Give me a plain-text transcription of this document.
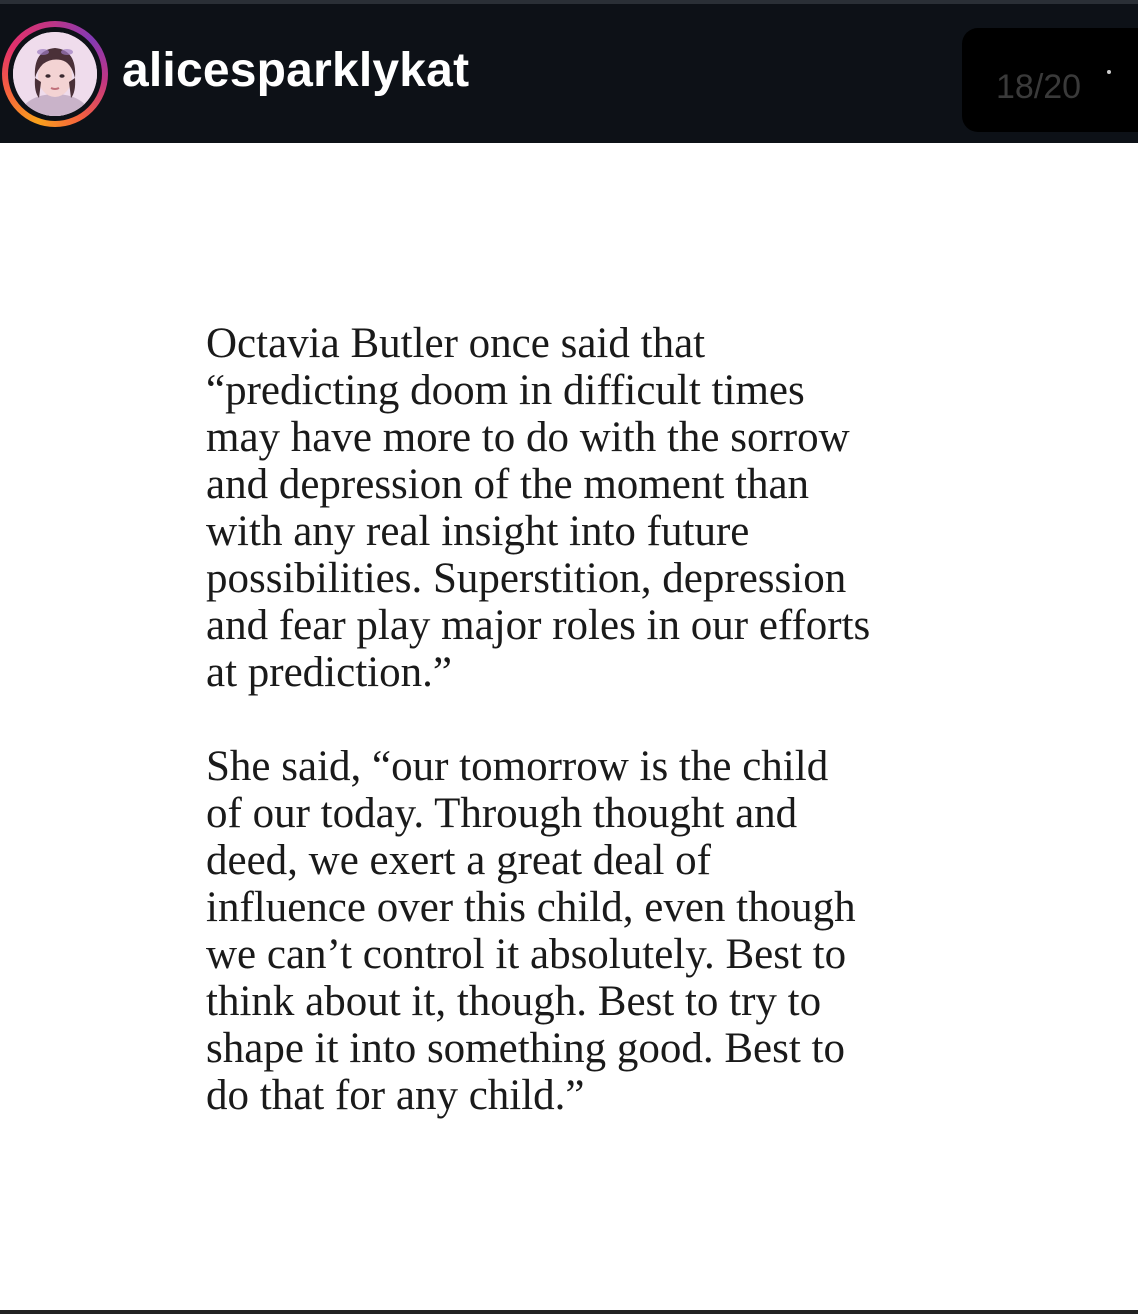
alicesparklykat	18/20

Octavia Butler once said that
“predicting doom in difficult times
may have more to do with the sorrow
and depression of the moment than
with any real insight into future
possibilities. Superstition, depression
and fear play major roles in our efforts
at prediction.”

She said, “our tomorrow is the child
of our today. Through thought and
deed, we exert a great deal of
influence over this child, even though
we can’t control it absolutely. Best to
think about it, though. Best to try to
shape it into something good. Best to
do that for any child.”
